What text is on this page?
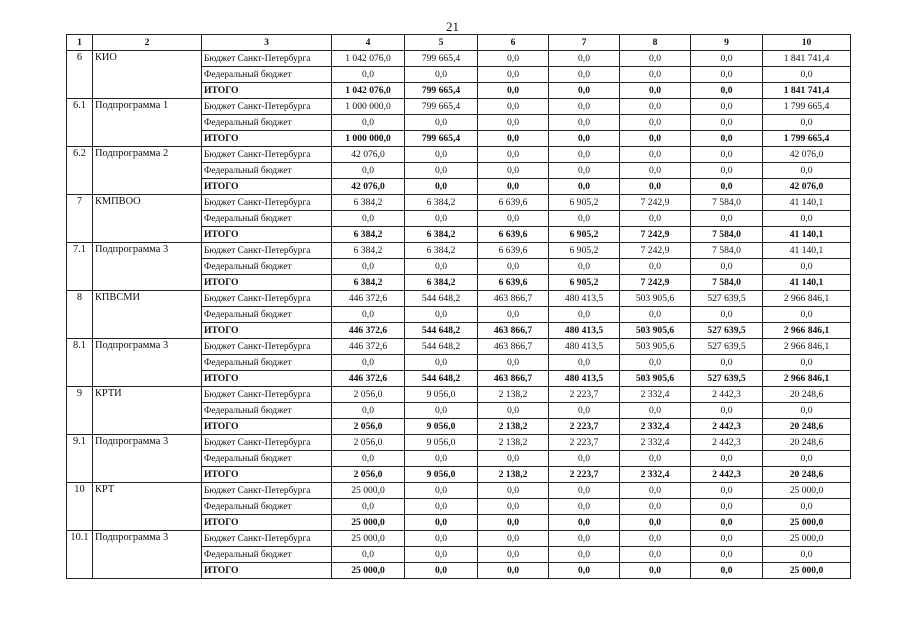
21
1	2	3	4	5	6	7	8	9	10
6	КИО	Бюджет Санкт-Петербурга	1 042 076,0	799 665,4	0,0	0,0	0,0	0,0	1 841 741,4
		Федеральный бюджет	0,0	0,0	0,0	0,0	0,0	0,0	0,0
		ИТОГО	1 042 076,0	799 665,4	0,0	0,0	0,0	0,0	1 841 741,4
6.1	Подпрограмма 1	Бюджет Санкт-Петербурга	1 000 000,0	799 665,4	0,0	0,0	0,0	0,0	1 799 665,4
		Федеральный бюджет	0,0	0,0	0,0	0,0	0,0	0,0	0,0
		ИТОГО	1 000 000,0	799 665,4	0,0	0,0	0,0	0,0	1 799 665,4
6.2	Подпрограмма 2	Бюджет Санкт-Петербурга	42 076,0	0,0	0,0	0,0	0,0	0,0	42 076,0
		Федеральный бюджет	0,0	0,0	0,0	0,0	0,0	0,0	0,0
		ИТОГО	42 076,0	0,0	0,0	0,0	0,0	0,0	42 076,0
7	КМПВОО	Бюджет Санкт-Петербурга	6 384,2	6 384,2	6 639,6	6 905,2	7 242,9	7 584,0	41 140,1
		Федеральный бюджет	0,0	0,0	0,0	0,0	0,0	0,0	0,0
		ИТОГО	6 384,2	6 384,2	6 639,6	6 905,2	7 242,9	7 584,0	41 140,1
7.1	Подпрограмма 3	Бюджет Санкт-Петербурга	6 384,2	6 384,2	6 639,6	6 905,2	7 242,9	7 584,0	41 140,1
		Федеральный бюджет	0,0	0,0	0,0	0,0	0,0	0,0	0,0
		ИТОГО	6 384,2	6 384,2	6 639,6	6 905,2	7 242,9	7 584,0	41 140,1
8	КПВСМИ	Бюджет Санкт-Петербурга	446 372,6	544 648,2	463 866,7	480 413,5	503 905,6	527 639,5	2 966 846,1
		Федеральный бюджет	0,0	0,0	0,0	0,0	0,0	0,0	0,0
		ИТОГО	446 372,6	544 648,2	463 866,7	480 413,5	503 905,6	527 639,5	2 966 846,1
8.1	Подпрограмма 3	Бюджет Санкт-Петербурга	446 372,6	544 648,2	463 866,7	480 413,5	503 905,6	527 639,5	2 966 846,1
		Федеральный бюджет	0,0	0,0	0,0	0,0	0,0	0,0	0,0
		ИТОГО	446 372,6	544 648,2	463 866,7	480 413,5	503 905,6	527 639,5	2 966 846,1
9	КРТИ	Бюджет Санкт-Петербурга	2 056,0	9 056,0	2 138,2	2 223,7	2 332,4	2 442,3	20 248,6
		Федеральный бюджет	0,0	0,0	0,0	0,0	0,0	0,0	0,0
		ИТОГО	2 056,0	9 056,0	2 138,2	2 223,7	2 332,4	2 442,3	20 248,6
9.1	Подпрограмма 3	Бюджет Санкт-Петербурга	2 056,0	9 056,0	2 138,2	2 223,7	2 332,4	2 442,3	20 248,6
		Федеральный бюджет	0,0	0,0	0,0	0,0	0,0	0,0	0,0
		ИТОГО	2 056,0	9 056,0	2 138,2	2 223,7	2 332,4	2 442,3	20 248,6
10	КРТ	Бюджет Санкт-Петербурга	25 000,0	0,0	0,0	0,0	0,0	0,0	25 000,0
		Федеральный бюджет	0,0	0,0	0,0	0,0	0,0	0,0	0,0
		ИТОГО	25 000,0	0,0	0,0	0,0	0,0	0,0	25 000,0
10.1	Подпрограмма 3	Бюджет Санкт-Петербурга	25 000,0	0,0	0,0	0,0	0,0	0,0	25 000,0
		Федеральный бюджет	0,0	0,0	0,0	0,0	0,0	0,0	0,0
		ИТОГО	25 000,0	0,0	0,0	0,0	0,0	0,0	25 000,0
